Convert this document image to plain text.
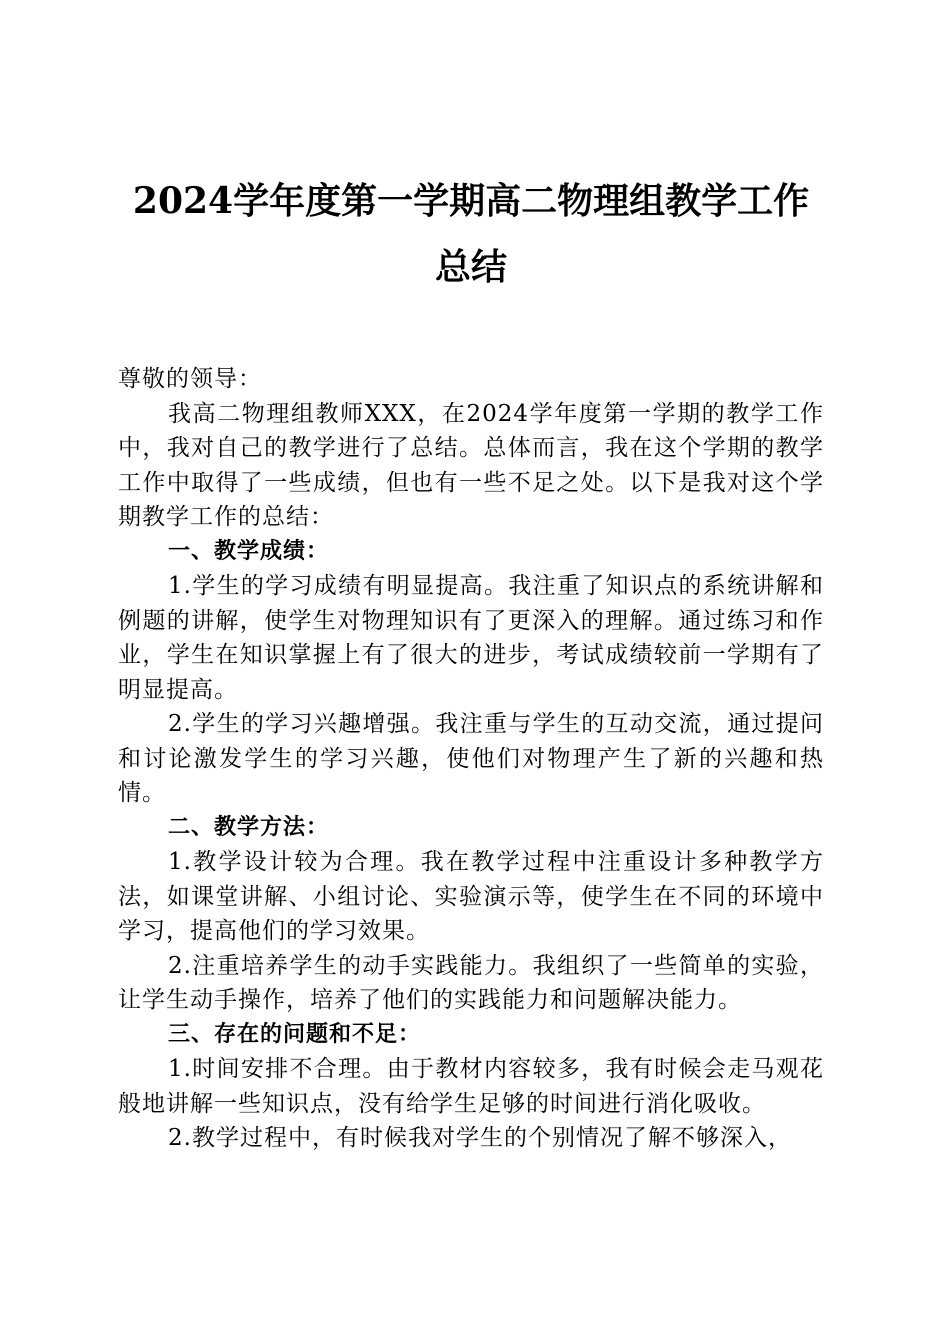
2024学年度第一学期高二物理组教学工作总结

尊敬的领导：

我高二物理组教师XXX，在2024学年度第一学期的教学工作中，我对自己的教学进行了总结。总体而言，我在这个学期的教学工作中取得了一些成绩，但也有一些不足之处。以下是我对这个学期教学工作的总结：

一、教学成绩：

1.学生的学习成绩有明显提高。我注重了知识点的系统讲解和例题的讲解，使学生对物理知识有了更深入的理解。通过练习和作业，学生在知识掌握上有了很大的进步，考试成绩较前一学期有了明显提高。

2.学生的学习兴趣增强。我注重与学生的互动交流，通过提问和讨论激发学生的学习兴趣，使他们对物理产生了新的兴趣和热情。

二、教学方法：

1.教学设计较为合理。我在教学过程中注重设计多种教学方法，如课堂讲解、小组讨论、实验演示等，使学生在不同的环境中学习，提高他们的学习效果。

2.注重培养学生的动手实践能力。我组织了一些简单的实验，让学生动手操作，培养了他们的实践能力和问题解决能力。

三、存在的问题和不足：

1.时间安排不合理。由于教材内容较多，我有时候会走马观花般地讲解一些知识点，没有给学生足够的时间进行消化吸收。

2.教学过程中，有时候我对学生的个别情况了解不够深入，
